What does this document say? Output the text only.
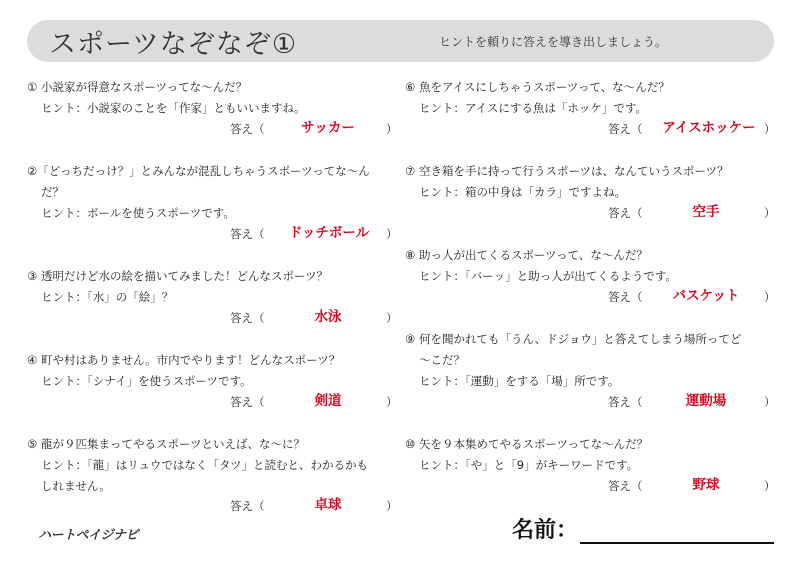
スポーツなぞなぞ①	ヒントを頼りに答えを導き出しましょう。
① 小説家が得意なスポーツってな～んだ？
ヒント：小説家のことを「作家」ともいいますね。
答え（	サッカー	）
②「どっちだっけ？」とみんなが混乱しちゃうスポーツってな～ん
だ？
ヒント：ボールを使うスポーツです。
答え（	ドッチボール	）
③ 透明だけど水の絵を描いてみました！どんなスポーツ？
ヒント：「水」の「絵」？
答え（	水泳	）
④ 町や村はありません。市内でやります！どんなスポーツ？
ヒント：「シナイ」を使うスポーツです。
答え（	剣道	）
⑤ 龍が９匹集まってやるスポーツといえば、な～に？
ヒント：「龍」はリュウではなく「タツ」と読むと、わかるかも
しれません。
答え（	卓球	）
⑥ 魚をアイスにしちゃうスポーツって、な～んだ？
ヒント：アイスにする魚は「ホッケ」です。
答え（	アイスホッケー ）
⑦ 空き箱を手に持って行うスポーツは、なんていうスポーツ？
ヒント：箱の中身は「カラ」ですよね。
答え（	空手	）
⑧ 助っ人が出てくるスポーツって、な～んだ？
ヒント：「バーッ」と助っ人が出てくるようです。
答え（	バスケット	）
⑨ 何を聞かれても「うん、ドジョウ」と答えてしまう場所ってど
～こだ？
ヒント：「運動」をする「場」所です。
答え（	運動場	）
⑩ 矢を９本集めてやるスポーツってな～んだ？
ヒント：「や」と「9」がキーワードです。
答え（	野球	）
ハートペイジナビ	名前：
